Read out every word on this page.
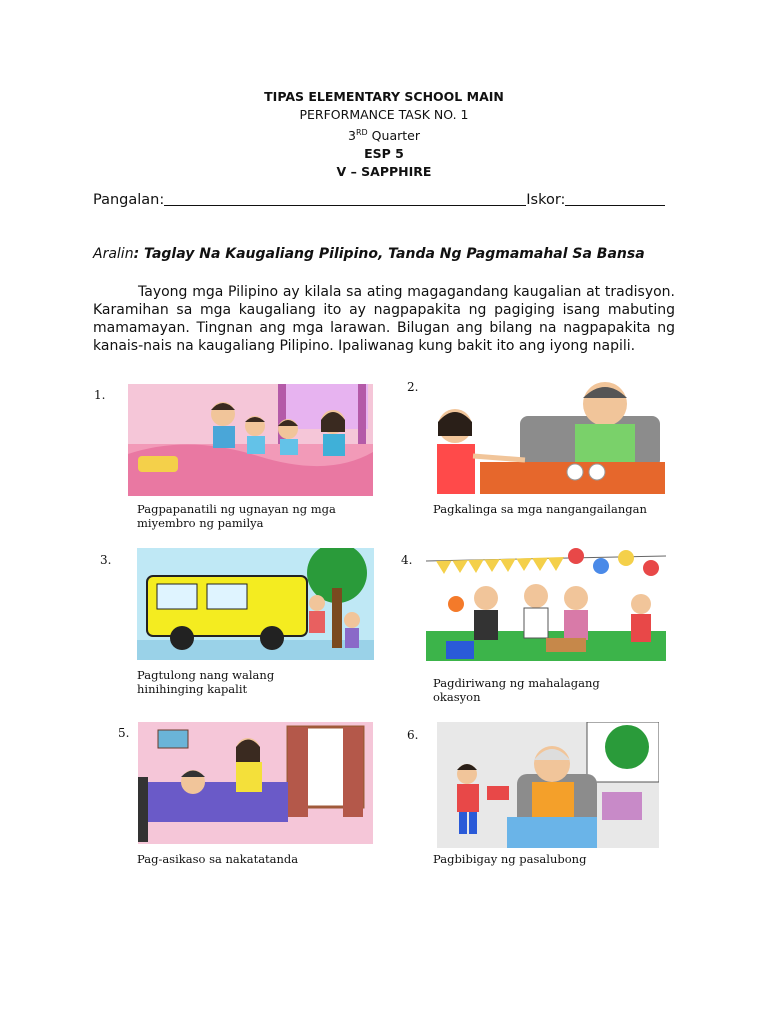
TIPAS ELEMENTARY SCHOOL MAIN
PERFORMANCE TASK NO. 1
3RD Quarter
ESP 5
V – SAPPHIRE
Pangalan:	Iskor:
Aralin: Taglay Na Kaugaliang Pilipino, Tanda Ng Pagmamahal Sa Bansa
Tayong mga Pilipino ay kilala sa ating magagandang kaugalian at tradisyon. Karamihan sa mga kaugaliang ito ay nagpapakita ng pagiging isang mabuting mamamayan. Tingnan ang mga larawan. Bilugan ang bilang na nagpapakita ng kanais-nais na kaugaliang Pilipino. Ipaliwanag kung bakit ito ang iyong napili.
1.
Pagpapanatili ng ugnayan ng mga
miyembro ng pamilya
2.
Pagkalinga sa mga nangangailangan
3.
Pagtulong nang walang
hinihinging kapalit
4.
Pagdiriwang ng mahalagang
okasyon
5.
Pag-asikaso sa nakatatanda
6.
Pagbibigay ng pasalubong
